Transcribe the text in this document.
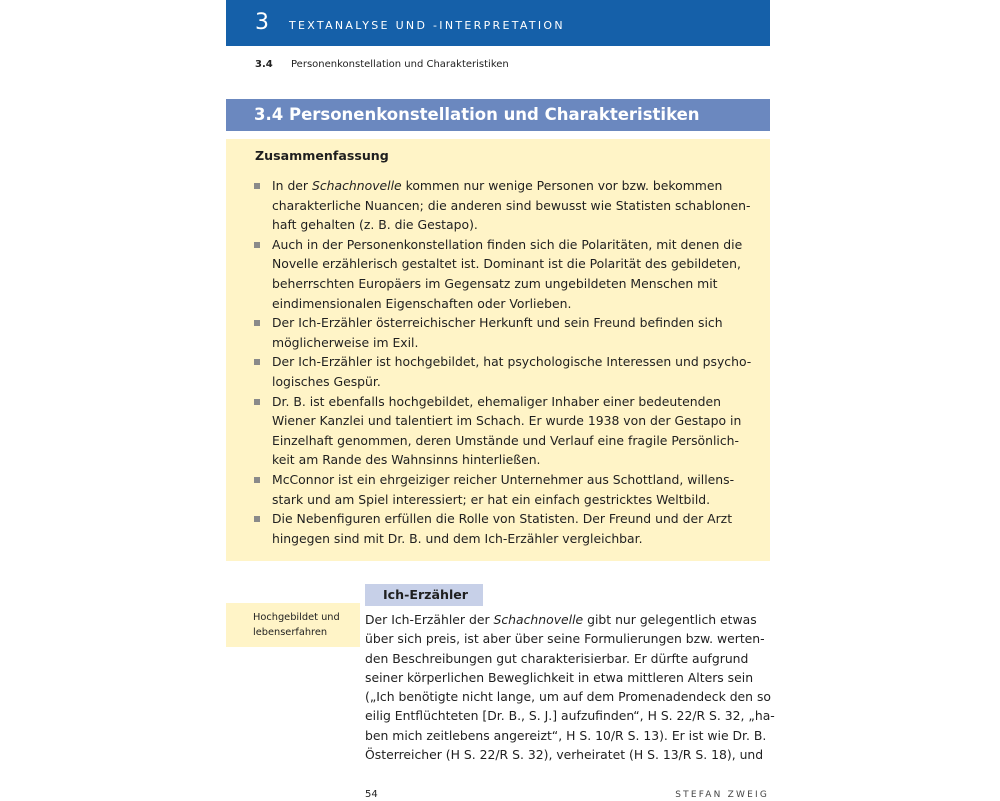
3 TEXTANALYSE UND -INTERPRETATION
3.4 Personenkonstellation und Charakteristiken
3.4 Personenkonstellation und Charakteristiken
Zusammenfassung
In der Schachnovelle kommen nur wenige Personen vor bzw. bekommen
charakterliche Nuancen; die anderen sind bewusst wie Statisten schablonen-
haft gehalten (z. B. die Gestapo).
Auch in der Personenkonstellation finden sich die Polaritäten, mit denen die
Novelle erzählerisch gestaltet ist. Dominant ist die Polarität des gebildeten,
beherrschten Europäers im Gegensatz zum ungebildeten Menschen mit
eindimensionalen Eigenschaften oder Vorlieben.
Der Ich-Erzähler österreichischer Herkunft und sein Freund befinden sich
möglicherweise im Exil.
Der Ich-Erzähler ist hochgebildet, hat psychologische Interessen und psycho-
logisches Gespür.
Dr. B. ist ebenfalls hochgebildet, ehemaliger Inhaber einer bedeutenden
Wiener Kanzlei und talentiert im Schach. Er wurde 1938 von der Gestapo in
Einzelhaft genommen, deren Umstände und Verlauf eine fragile Persönlich-
keit am Rande des Wahnsinns hinterließen.
McConnor ist ein ehrgeiziger reicher Unternehmer aus Schottland, willens-
stark und am Spiel interessiert; er hat ein einfach gestricktes Weltbild.
Die Nebenfiguren erfüllen die Rolle von Statisten. Der Freund und der Arzt
hingegen sind mit Dr. B. und dem Ich-Erzähler vergleichbar.
Ich-Erzähler
Hochgebildet und
lebenserfahren
Der Ich-Erzähler der Schachnovelle gibt nur gelegentlich etwas
über sich preis, ist aber über seine Formulierungen bzw. werten-
den Beschreibungen gut charakterisierbar. Er dürfte aufgrund
seiner körperlichen Beweglichkeit in etwa mittleren Alters sein
(„Ich benötigte nicht lange, um auf dem Promenadendeck den so
eilig Entflüchteten [Dr. B., S. J.] aufzufinden“, H S. 22/R S. 32, „ha-
ben mich zeitlebens angereizt“, H S. 10/R S. 13). Er ist wie Dr. B.
Österreicher (H S. 22/R S. 32), verheiratet (H S. 13/R S. 18), und
54	STEFAN ZWEIG
